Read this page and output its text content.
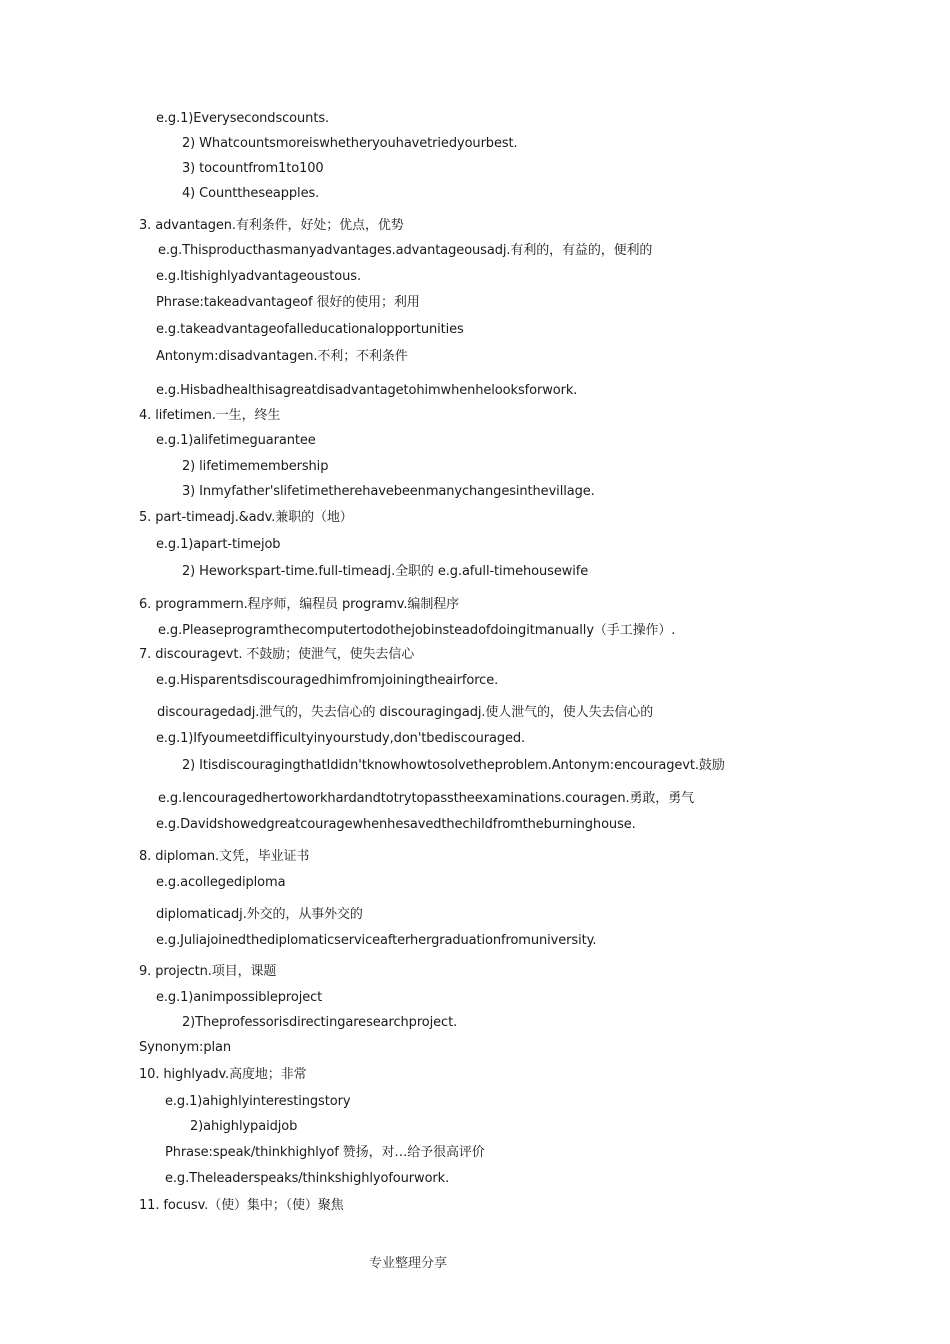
e.g.1)Everysecondscounts.
2) Whatcountsmoreiswhetheryouhavetriedyourbest.
3) tocountfrom1to100
4) Counttheseapples.
3. advantagen.有利条件，好处；优点，优势
e.g.Thisproducthasmanyadvantages.advantageousadj.有利的，有益的，便利的
e.g.Itishighlyadvantageoustous.
Phrase:takeadvantageof 很好的使用；利用
e.g.takeadvantageofalleducationalopportunities
Antonym:disadvantagen.不利；不利条件
e.g.Hisbadhealthisagreatdisadvantagetohimwhenhelooksforwork.
4. lifetimen.一生，终生
e.g.1)alifetimeguarantee
2) lifetimemembership
3) Inmyfather'slifetimetherehavebeenmanychangesinthevillage.
5. part-timeadj.&adv.兼职的（地）
e.g.1)apart-timejob
2) Heworkspart-time.full-timeadj.全职的 e.g.afull-timehousewife
6. programmern.程序师，编程员 programv.编制程序
e.g.Pleaseprogramthecomputertodothejobinsteadofdoingitmanually（手工操作）.
7. discouragevt. 不鼓励；使泄气，使失去信心
e.g.Hisparentsdiscouragedhimfromjoiningtheairforce.
discouragedadj.泄气的，失去信心的 discouragingadj.使人泄气的，使人失去信心的
e.g.1)Ifyoumeetdifficultyinyourstudy,don'tbediscouraged.
2) ItisdiscouragingthatIdidn'tknowhowtosolvetheproblem.Antonym:encouragevt.鼓励
e.g.Iencouragedhertoworkhardandtotrytopasstheexaminations.couragen.勇敢，勇气
e.g.Davidshowedgreatcouragewhenhesavedthechildfromtheburninghouse.
8. diploman.文凭，毕业证书
e.g.acollegediploma
diplomaticadj.外交的，从事外交的
e.g.Juliajoinedthediplomaticserviceafterhergraduationfromuniversity.
9. projectn.项目，课题
e.g.1)animpossibleproject
2)Theprofessorisdirectingaresearchproject.
Synonym:plan
10. highlyadv.高度地；非常
e.g.1)ahighlyinterestingstory
2)ahighlypaidjob
Phrase:speak/thinkhighlyof 赞扬，对…给予很高评价
e.g.Theleaderspeaks/thinkshighlyofourwork.
11. focusv.（使）集中；（使）聚焦
专业整理分享
